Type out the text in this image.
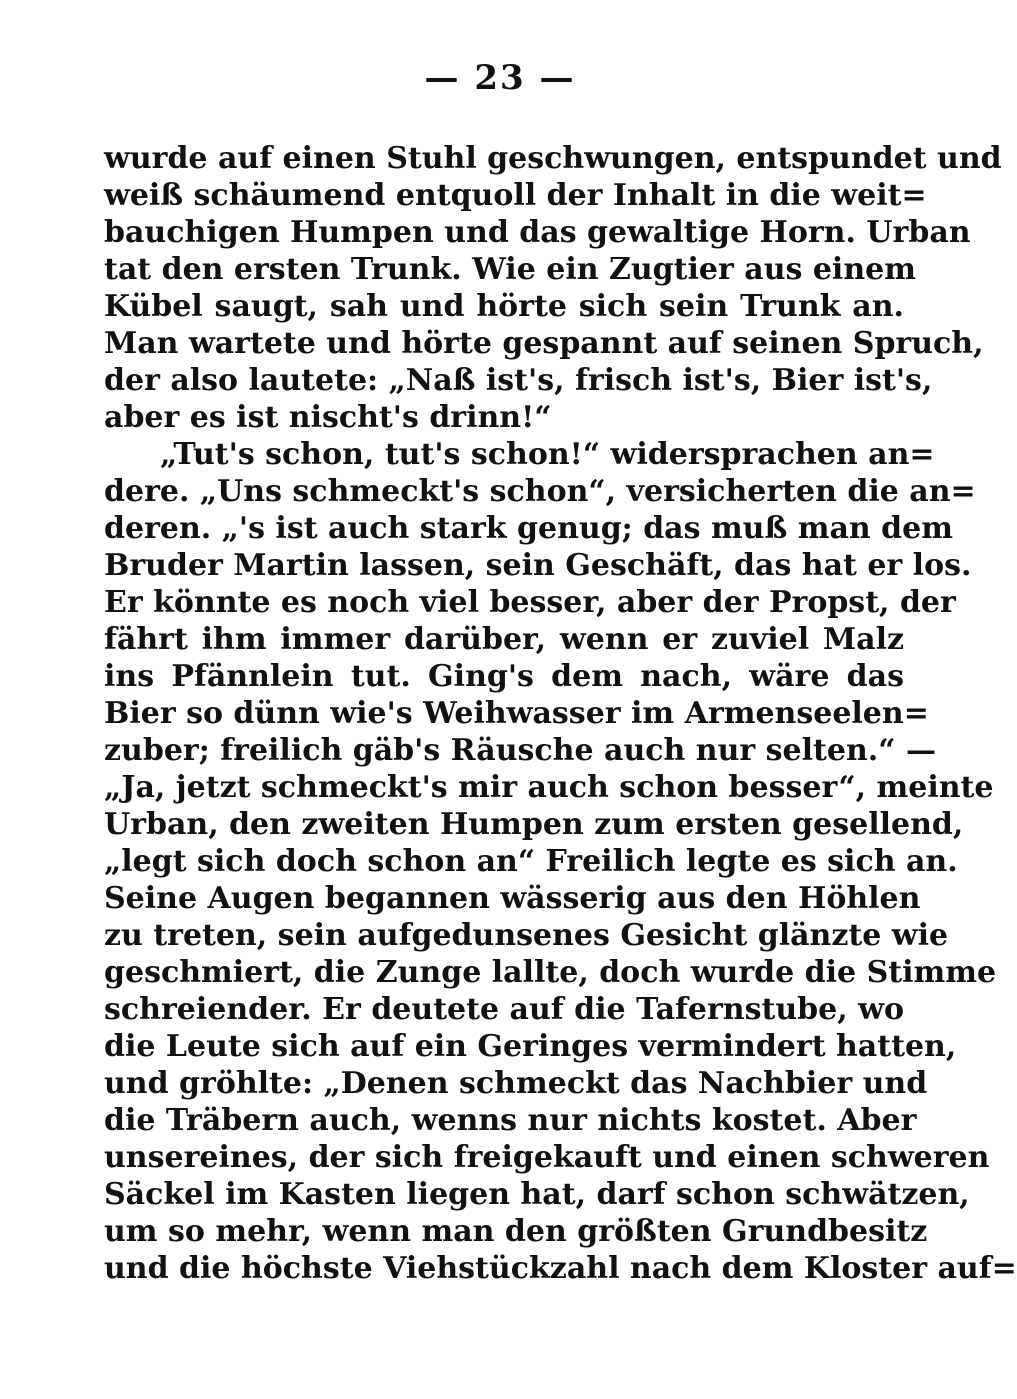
— 23 —
wurde auf einen Stuhl geschwungen, entspundet und
weiß schäumend entquoll der Inhalt in die weit=
bauchigen Humpen und das gewaltige Horn. Urban
tat den ersten Trunk. Wie ein Zugtier aus einem
Kübel saugt, sah und hörte sich sein Trunk an.
Man wartete und hörte gespannt auf seinen Spruch,
der also lautete: „Naß ist's, frisch ist's, Bier ist's,
aber es ist nischt's drinn!“
„Tut's schon, tut's schon!“ widersprachen an=
dere. „Uns schmeckt's schon“, versicherten die an=
deren. „'s ist auch stark genug; das muß man dem
Bruder Martin lassen, sein Geschäft, das hat er los.
Er könnte es noch viel besser, aber der Propst, der
fährt ihm immer darüber, wenn er zuviel Malz
ins Pfännlein tut. Ging's dem nach, wäre das
Bier so dünn wie's Weihwasser im Armenseelen=
zuber; freilich gäb's Räusche auch nur selten.“ —
„Ja, jetzt schmeckt's mir auch schon besser“, meinte
Urban, den zweiten Humpen zum ersten gesellend,
„legt sich doch schon an“ Freilich legte es sich an.
Seine Augen begannen wässerig aus den Höhlen
zu treten, sein aufgedunsenes Gesicht glänzte wie
geschmiert, die Zunge lallte, doch wurde die Stimme
schreiender. Er deutete auf die Tafernstube, wo
die Leute sich auf ein Geringes vermindert hatten,
und gröhlte: „Denen schmeckt das Nachbier und
die Träbern auch, wenns nur nichts kostet. Aber
unsereines, der sich freigekauft und einen schweren
Säckel im Kasten liegen hat, darf schon schwätzen,
um so mehr, wenn man den größten Grundbesitz
und die höchste Viehstückzahl nach dem Kloster auf=
